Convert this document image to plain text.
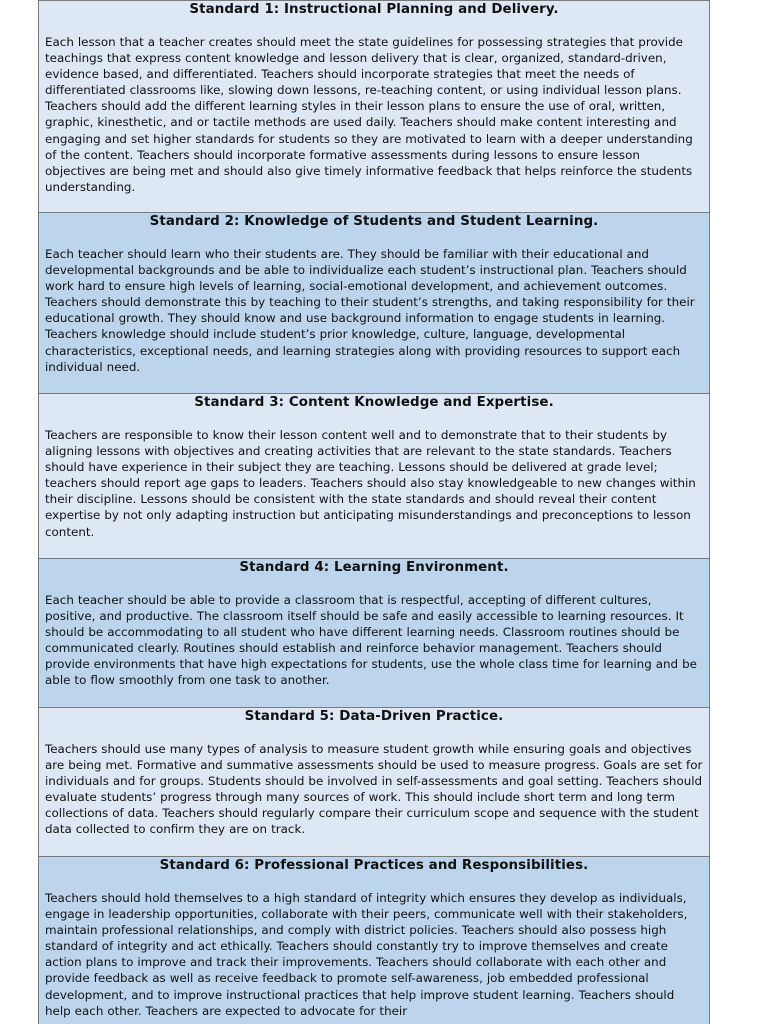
Standard 1: Instructional Planning and Delivery.

Each lesson that a teacher creates should meet the state guidelines for possessing strategies that provide teachings that express content knowledge and lesson delivery that is clear, organized, standard-driven, evidence based, and differentiated. Teachers should incorporate strategies that meet the needs of differentiated classrooms like, slowing down lessons, re-teaching content, or using individual lesson plans. Teachers should add the different learning styles in their lesson plans to ensure the use of oral, written, graphic, kinesthetic, and or tactile methods are used daily. Teachers should make content interesting and engaging and set higher standards for students so they are motivated to learn with a deeper understanding of the content. Teachers should incorporate formative assessments during lessons to ensure lesson objectives are being met and should also give timely informative feedback that helps reinforce the students understanding.

Standard 2: Knowledge of Students and Student Learning.

Each teacher should learn who their students are. They should be familiar with their educational and developmental backgrounds and be able to individualize each student’s instructional plan. Teachers should work hard to ensure high levels of learning, social-emotional development, and achievement outcomes. Teachers should demonstrate this by teaching to their student’s strengths, and taking responsibility for their educational growth. They should know and use background information to engage students in learning. Teachers knowledge should include student’s prior knowledge, culture, language, developmental characteristics, exceptional needs, and learning strategies along with providing resources to support each individual need.

Standard 3: Content Knowledge and Expertise.

Teachers are responsible to know their lesson content well and to demonstrate that to their students by aligning lessons with objectives and creating activities that are relevant to the state standards. Teachers should have experience in their subject they are teaching. Lessons should be delivered at grade level; teachers should report age gaps to leaders. Teachers should also stay knowledgeable to new changes within their discipline. Lessons should be consistent with the state standards and should reveal their content expertise by not only adapting instruction but anticipating misunderstandings and preconceptions to lesson content.

Standard 4: Learning Environment.

Each teacher should be able to provide a classroom that is respectful, accepting of different cultures, positive, and productive. The classroom itself should be safe and easily accessible to learning resources. It should be accommodating to all student who have different learning needs. Classroom routines should be communicated clearly. Routines should establish and reinforce behavior management. Teachers should provide environments that have high expectations for students, use the whole class time for learning and be able to flow smoothly from one task to another.

Standard 5: Data-Driven Practice.

Teachers should use many types of analysis to measure student growth while ensuring goals and objectives are being met. Formative and summative assessments should be used to measure progress. Goals are set for individuals and for groups. Students should be involved in self-assessments and goal setting. Teachers should evaluate students’ progress through many sources of work. This should include short term and long term collections of data. Teachers should regularly compare their curriculum scope and sequence with the student data collected to confirm they are on track.

Standard 6: Professional Practices and Responsibilities.

Teachers should hold themselves to a high standard of integrity which ensures they develop as individuals, engage in leadership opportunities, collaborate with their peers, communicate well with their stakeholders, maintain professional relationships, and comply with district policies. Teachers should also possess high standard of integrity and act ethically. Teachers should constantly try to improve themselves and create action plans to improve and track their improvements. Teachers should collaborate with each other and provide feedback as well as receive feedback to promote self-awareness, job embedded professional development, and to improve instructional practices that help improve student learning. Teachers should help each other. Teachers are expected to advocate for their
